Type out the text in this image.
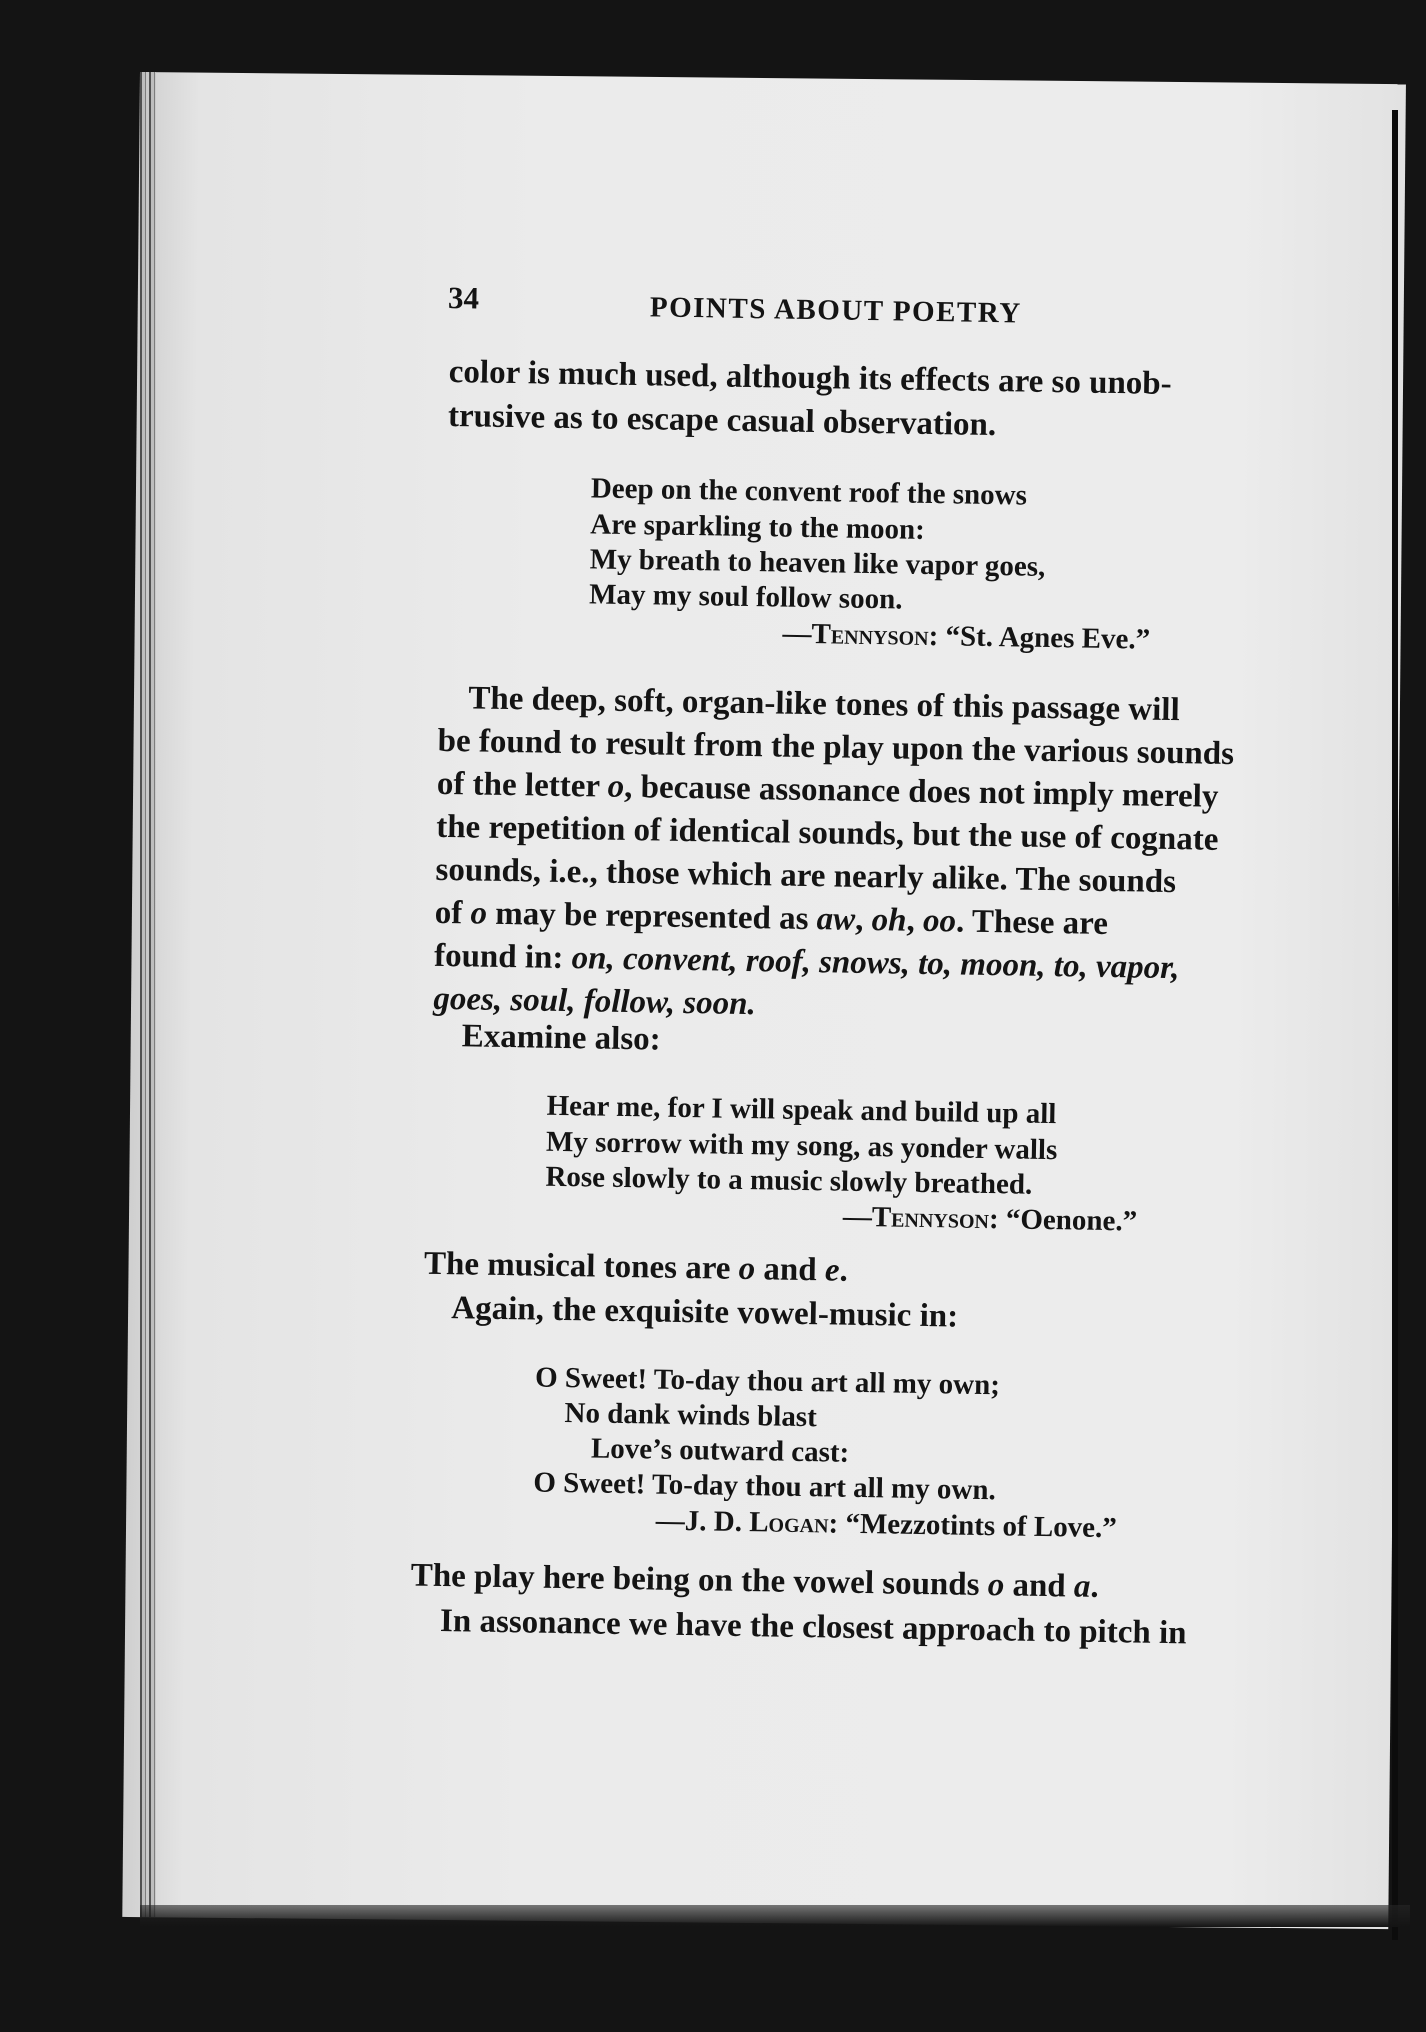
34	POINTS ABOUT POETRY
color is much used, although its effects are so unob-
trusive as to escape casual observation.
Deep on the convent roof the snows
Are sparkling to the moon:
My breath to heaven like vapor goes,
May my soul follow soon.
—Tennyson: “St. Agnes Eve.”
The deep, soft, organ-like tones of this passage will
be found to result from the play upon the various sounds
of the letter o, because assonance does not imply merely
the repetition of identical sounds, but the use of cognate
sounds, i.e., those which are nearly alike. The sounds
of o may be represented as aw, oh, oo. These are
found in: on, convent, roof, snows, to, moon, to, vapor,
goes, soul, follow, soon.
Examine also:
Hear me, for I will speak and build up all
My sorrow with my song, as yonder walls
Rose slowly to a music slowly breathed.
—Tennyson: “Oenone.”
The musical tones are o and e.
Again, the exquisite vowel-music in:
O Sweet! To-day thou art all my own;
No dank winds blast
Love’s outward cast:
O Sweet! To-day thou art all my own.
—J. D. Logan: “Mezzotints of Love.”
The play here being on the vowel sounds o and a.
In assonance we have the closest approach to pitch in
